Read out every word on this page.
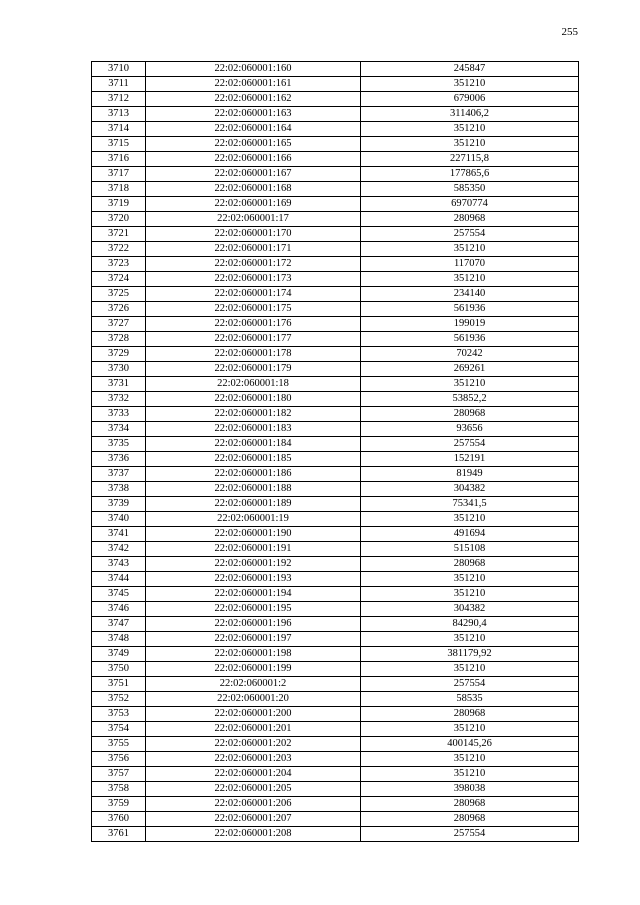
255
3710	22:02:060001:160	245847
3711	22:02:060001:161	351210
3712	22:02:060001:162	679006
3713	22:02:060001:163	311406,2
3714	22:02:060001:164	351210
3715	22:02:060001:165	351210
3716	22:02:060001:166	227115,8
3717	22:02:060001:167	177865,6
3718	22:02:060001:168	585350
3719	22:02:060001:169	6970774
3720	22:02:060001:17	280968
3721	22:02:060001:170	257554
3722	22:02:060001:171	351210
3723	22:02:060001:172	117070
3724	22:02:060001:173	351210
3725	22:02:060001:174	234140
3726	22:02:060001:175	561936
3727	22:02:060001:176	199019
3728	22:02:060001:177	561936
3729	22:02:060001:178	70242
3730	22:02:060001:179	269261
3731	22:02:060001:18	351210
3732	22:02:060001:180	53852,2
3733	22:02:060001:182	280968
3734	22:02:060001:183	93656
3735	22:02:060001:184	257554
3736	22:02:060001:185	152191
3737	22:02:060001:186	81949
3738	22:02:060001:188	304382
3739	22:02:060001:189	75341,5
3740	22:02:060001:19	351210
3741	22:02:060001:190	491694
3742	22:02:060001:191	515108
3743	22:02:060001:192	280968
3744	22:02:060001:193	351210
3745	22:02:060001:194	351210
3746	22:02:060001:195	304382
3747	22:02:060001:196	84290,4
3748	22:02:060001:197	351210
3749	22:02:060001:198	381179,92
3750	22:02:060001:199	351210
3751	22:02:060001:2	257554
3752	22:02:060001:20	58535
3753	22:02:060001:200	280968
3754	22:02:060001:201	351210
3755	22:02:060001:202	400145,26
3756	22:02:060001:203	351210
3757	22:02:060001:204	351210
3758	22:02:060001:205	398038
3759	22:02:060001:206	280968
3760	22:02:060001:207	280968
3761	22:02:060001:208	257554
